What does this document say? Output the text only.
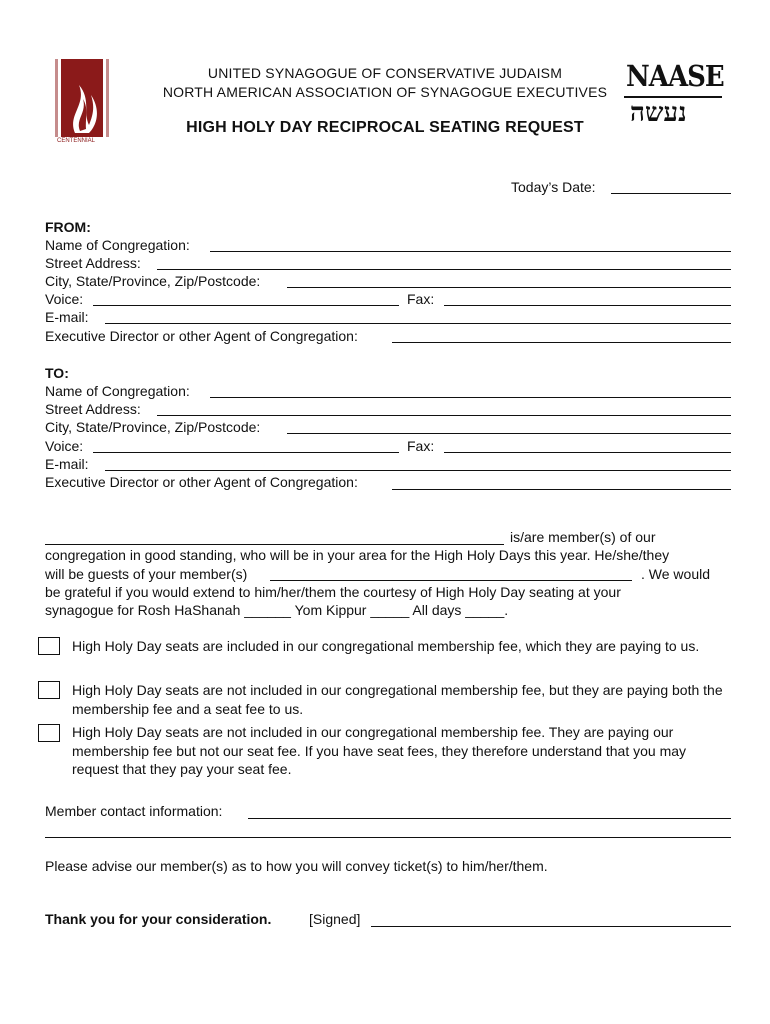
CENTENNIAL
UNITED SYNAGOGUE OF CONSERVATIVE JUDAISM
NORTH AMERICAN ASSOCIATION OF SYNAGOGUE EXECUTIVES
HIGH HOLY DAY RECIPROCAL SEATING REQUEST
NAASE
נעשה
Today’s Date:
FROM:
Name of Congregation:
Street Address:
City, State/Province, Zip/Postcode:
Voice:	Fax:
E-mail:
Executive Director or other Agent of Congregation:
TO:
Name of Congregation:
Street Address:
City, State/Province, Zip/Postcode:
Voice:	Fax:
E-mail:
Executive Director or other Agent of Congregation:
is/are member(s) of our
congregation in good standing, who will be in your area for the High Holy Days this year. He/she/they
will be guests of your member(s)	. We would
be grateful if you would extend to him/her/them the courtesy of High Holy Day seating at your
synagogue for Rosh HaShanah ______ Yom Kippur _____ All days _____.
High Holy Day seats are included in our congregational membership fee, which they are paying to us.
High Holy Day seats are not included in our congregational membership fee, but they are paying both the membership fee and a seat fee to us.
High Holy Day seats are not included in our congregational membership fee. They are paying our membership fee but not our seat fee. If you have seat fees, they therefore understand that you may request that they pay your seat fee.
Member contact information:
Please advise our member(s) as to how you will convey ticket(s) to him/her/them.
Thank you for your consideration.	[Signed]
